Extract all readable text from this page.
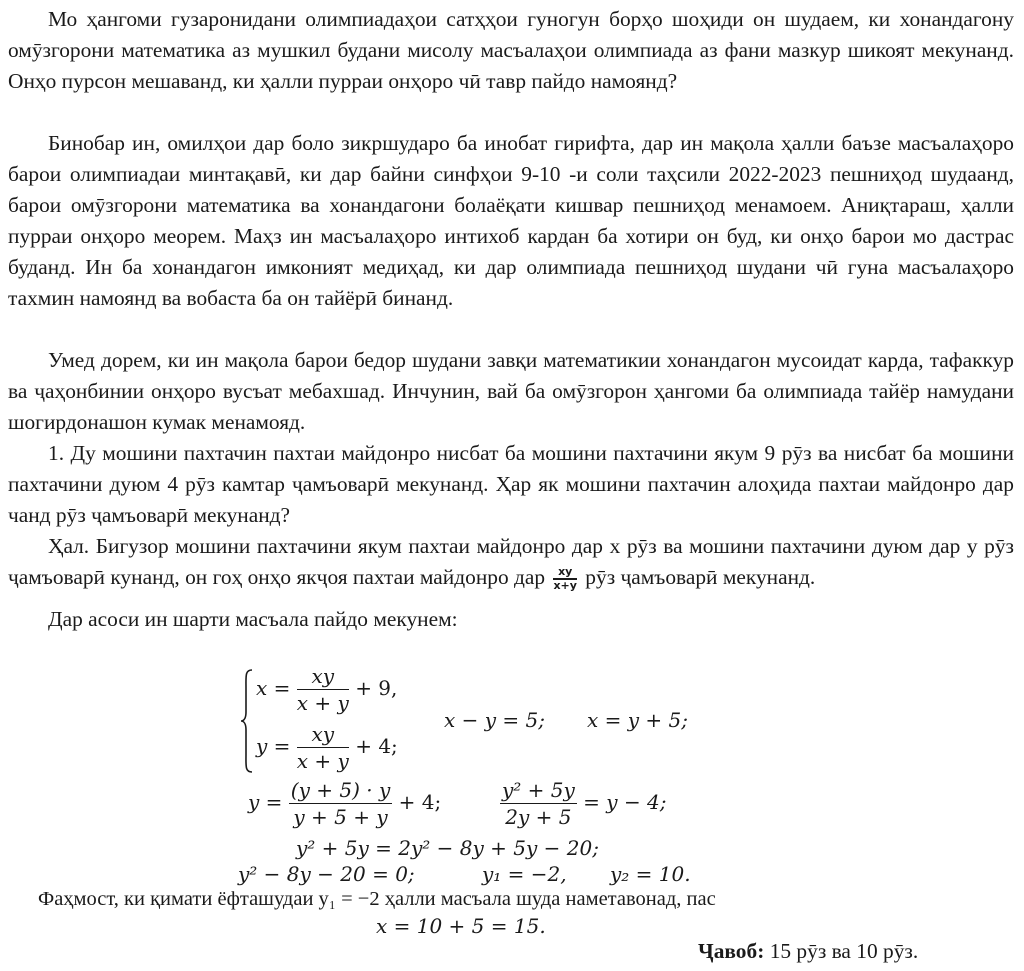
Мо ҳангоми гузаронидани олимпиадаҳои сатҳҳои гуногун борҳо шоҳиди он шудаем, ки хонандагону омӯзгорони математика аз мушкил будани мисолу масъалаҳои олимпиада аз фани мазкур шикоят мекунанд. Онҳо пурсон мешаванд, ки ҳалли пурраи онҳоро чӣ тавр пайдо намоянд?

Бинобар ин, омилҳои дар боло зикршударо ба инобат гирифта, дар ин мақола ҳалли баъзе масъалаҳоро барои олимпиадаи минтақавӣ, ки дар байни синфҳои 9-10 -и соли таҳсили 2022-2023 пешниҳод шудаанд, барои омӯзгорони математика ва хонандагони болаёқати кишвар пешниҳод менамоем. Аниқтараш, ҳалли пурраи онҳоро меорем. Маҳз ин масъалаҳоро интихоб кардан ба хотири он буд, ки онҳо барои мо дастрас буданд. Ин ба хонандагон имконият медиҳад, ки дар олимпиада пешниҳод шудани чӣ гуна масъалаҳоро тахмин намоянд ва вобаста ба он тайёрӣ бинанд.

Умед дорем, ки ин мақола барои бедор шудани завқи математикии хонандагон мусоидат карда, тафаккур ва ҷаҳонбинии онҳоро вусъат мебахшад. Инчунин, вай ба омӯзгорон ҳангоми ба олимпиада тайёр намудани шогирдонашон кумак менамояд.

1. Ду мошини пахтачин пахтаи майдонро нисбат ба мошини пахтачини якум 9 рӯз ва нисбат ба мошини пахтачини дуюм 4 рӯз камтар ҷамъоварӣ мекунанд. Ҳар як мошини пахтачин алоҳида пахтаи майдонро дар чанд рӯз ҷамъоварӣ мекунанд?

Ҳал. Бигузор мошини пахтачини якум пахтаи майдонро дар x рӯз ва мошини пахтачини дуюм дар y рӯз ҷамъоварӣ кунанд, он гоҳ онҳо якҷоя пахтаи майдонро дар $\frac{xy}{x+y}$ рӯз ҷамъоварӣ мекунанд.

Дар асоси ин шарти масъала пайдо мекунем:

$x = \frac{xy}{x + y} + 9$,
$y = \frac{xy}{x + y} + 4$;
x − y = 5; x = y + 5;
$y = \frac{(y + 5) \cdot y}{y + 5 + y} + 4$;	$\frac{\text{y² + 5y}}{2y + 5} = y - 4$;
y² + 5y = 2y² − 8y + 5y − 20;
y² − 8y − 20 = 0;	y₁ = −2, y₂ = 10.

Фаҳмост, ки қимати ёфташудаи y₁ = −2 ҳалли масъала шуда наметавонад, пас

x = 10 + 5 = 15.

Ҷавоб: 15 рӯз ва 10 рӯз.
